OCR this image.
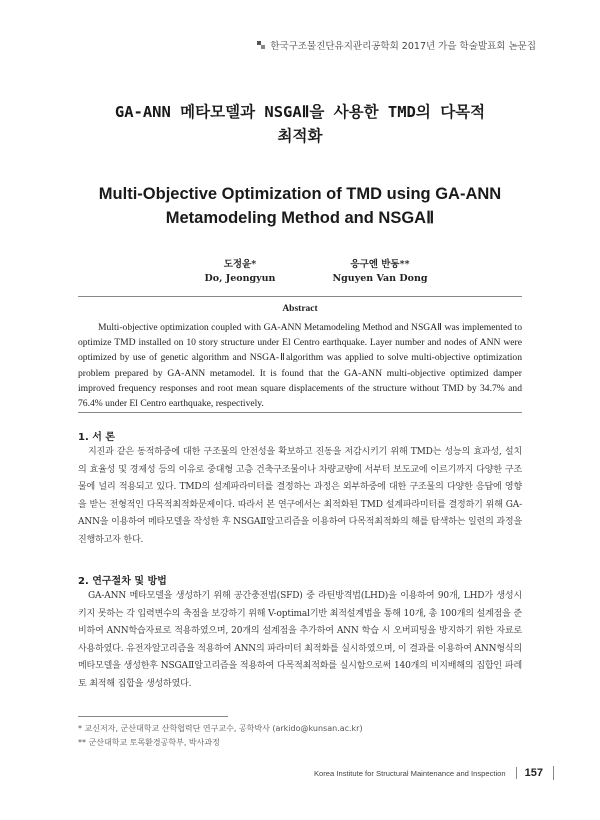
한국구조물진단유지관리공학회 2017년 가을 학술발표회 논문집
GA-ANN 메타모델과 NSGAⅡ을 사용한 TMD의 다목적
최적화
Multi-Objective Optimization of TMD using GA-ANN
Metamodeling Method and NSGAⅡ
도정윤*
Do, Jeongyun
응구엔 반동**
Nguyen Van Dong
Abstract
Multi-objective optimization coupled with GA-ANN Metamodeling Method and NSGAⅡ was implemented to optimize TMD installed on 10 story structure under El Centro earthquake. Layer number and nodes of ANN were optimized by use of genetic algorithm and NSGA-Ⅱalgorithm was applied to solve multi-objective optimization problem prepared by GA-ANN metamodel. It is found that the GA-ANN multi-objective optimized damper improved frequency responses and root mean square displacements of the structure without TMD by 34.7% and 76.4% under El Centro earthquake, respectively.
1. 서 론
지진과 같은 동적하중에 대한 구조물의 안전성을 확보하고 진동을 저감시키기 위해 TMD는 성능의 효과성, 설치의 효율성 및 경제성 등의 이유로 중대형 고층 건축구조물이나 차량교량에 서부터 보도교에 이르기까지 다양한 구조물에 널리 적용되고 있다. TMD의 설계파라미터를 결정하는 과정은 외부하중에 대한 구조물의 다양한 응답에 영향을 받는 전형적인 다목적최적화문제이다. 따라서 본 연구에서는 최적화된 TMD 설계파라미터를 결정하기 위해 GA-ANN을 이용하여 메타모델을 작성한 후 NSGAⅡ알고리즘을 이용하여 다목적최적화의 해를 탐색하는 일련의 과정을 진행하고자 한다.
2. 연구절차 및 방법
GA-ANN 메타모델을 생성하기 위해 공간충전법(SFD) 중 라틴방격법(LHD)을 이용하여 90개, LHD가 생성시키지 못하는 각 입력변수의 축점을 보강하기 위해 V-optimal기반 최적설계법을 통해 10개, 총 100개의 설계점을 준비하여 ANN학습자료로 적용하였으며, 20개의 설계점을 추가하여 ANN 학습 시 오버피팅을 방지하기 위한 자료로 사용하였다. 유전자알고리즘을 적용하여 ANN의 파라미터 최적화를 실시하였으며, 이 결과를 이용하여 ANN형식의 메타모델을 생성한후 NSGAⅡ알고리즘을 적용하여 다목적최적화를 실시함으로써 140개의 비지배해의 집합인 파레토 최적해 집합을 생성하였다.
* 교신저자, 군산대학교 산학협력단 연구교수, 공학박사 (arkido@kunsan.ac.kr)
** 군산대학교 토목환경공학부, 박사과정
Korea Institute for Structural Maintenance and Inspection	157
